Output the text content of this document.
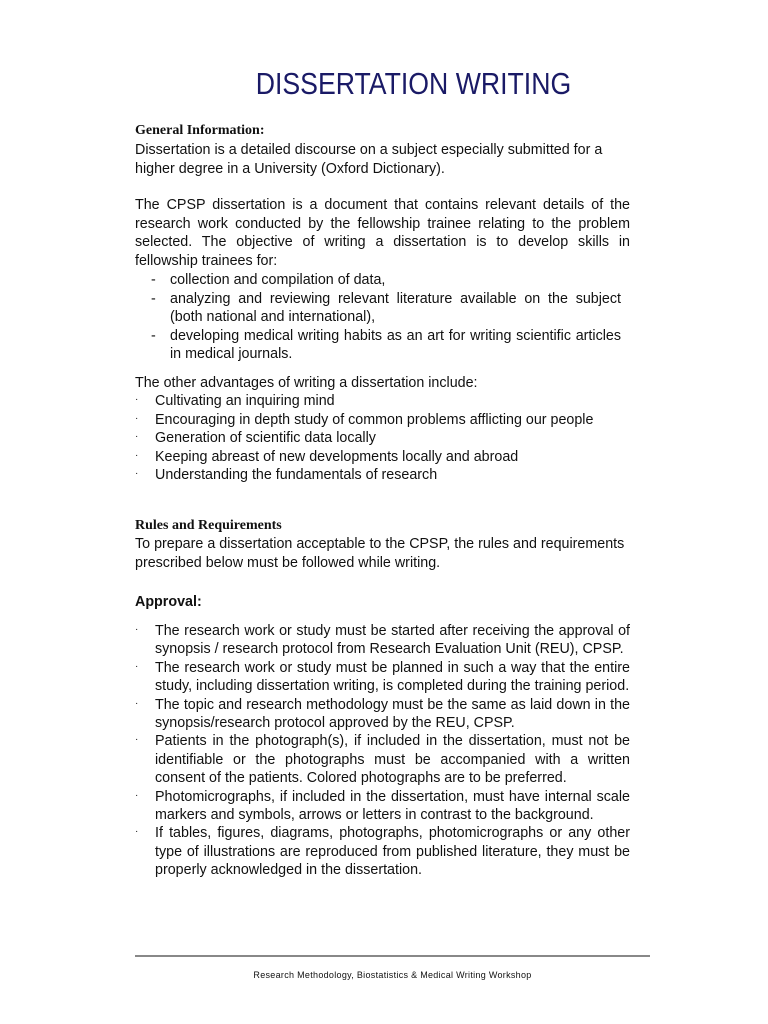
DISSERTATION WRITING
General Information:
Dissertation is a detailed discourse on a subject especially submitted for a higher degree in a University (Oxford Dictionary).
The CPSP dissertation is a document that contains relevant details of the research work conducted by the fellowship trainee relating to the problem selected. The objective of writing a dissertation is to develop skills in fellowship trainees for:
- collection and compilation of data,
- analyzing and reviewing relevant literature available on the subject (both national and international),
- developing medical writing habits as an art for writing scientific articles in medical journals.
The other advantages of writing a dissertation include:
· Cultivating an inquiring mind
· Encouraging in depth study of common problems afflicting our people
· Generation of scientific data locally
· Keeping abreast of new developments locally and abroad
· Understanding the fundamentals of research
Rules and Requirements
To prepare a dissertation acceptable to the CPSP, the rules and requirements prescribed below must be followed while writing.
Approval:
· The research work or study must be started after receiving the approval of synopsis / research protocol from Research Evaluation Unit (REU), CPSP.
· The research work or study must be planned in such a way that the entire study, including dissertation writing, is completed during the training period.
· The topic and research methodology must be the same as laid down in the synopsis/research protocol approved by the REU, CPSP.
· Patients in the photograph(s), if included in the dissertation, must not be identifiable or the photographs must be accompanied with a written consent of the patients. Colored photographs are to be preferred.
· Photomicrographs, if included in the dissertation, must have internal scale markers and symbols, arrows or letters in contrast to the background.
· If tables, figures, diagrams, photographs, photomicrographs or any other type of illustrations are reproduced from published literature, they must be properly acknowledged in the dissertation.
Research Methodology, Biostatistics & Medical Writing Workshop
